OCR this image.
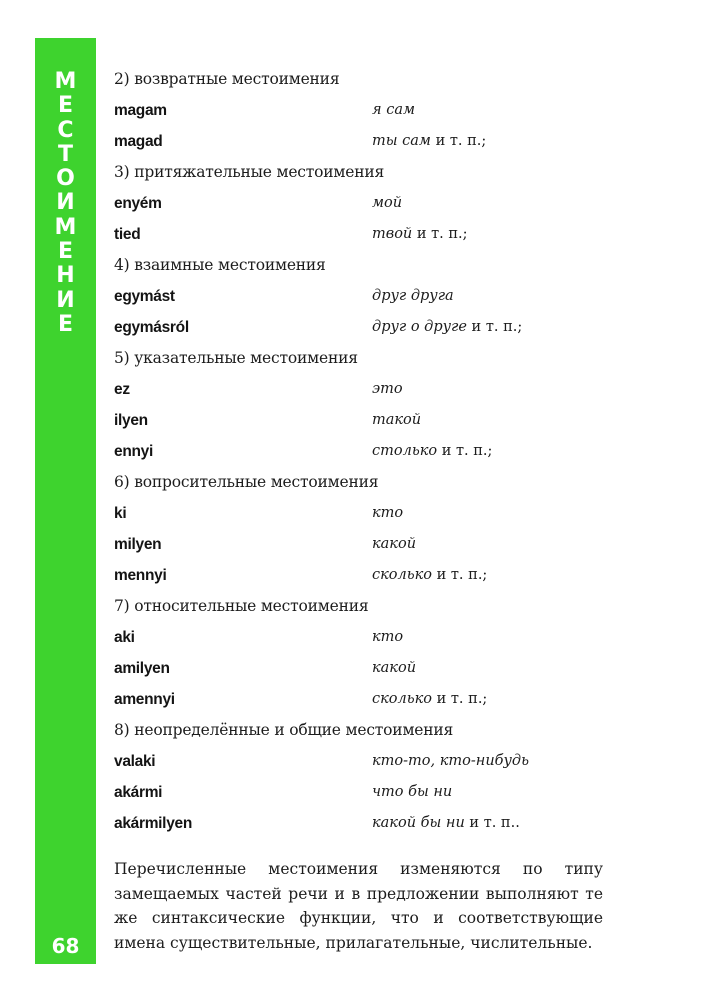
М
Е
С
Т
О
И
М
Е
Н
И
Е
68
2) возвратные местоимения
magam	я сам
magad	ты сам и т. п.;
3) притяжательные местоимения
enyém	мой
tied	твой и т. п.;
4) взаимные местоимения
egymást	друг друга
egymásról	друг о друге и т. п.;
5) указательные местоимения
ez	это
ilyen	такой
ennyi	столько и т. п.;
6) вопросительные местоимения
ki	кто
milyen	какой
mennyi	сколько и т. п.;
7) относительные местоимения
aki	кто
amilyen	какой
amennyi	сколько и т. п.;
8) неопределённые и общие местоимения
valaki	кто-то, кто-нибудь
akármi	что бы ни
akármilyen	какой бы ни и т. п..

Перечисленные местоимения изменяются по типу замещаемых частей речи и в предложении выполняют те же синтаксические функции, что и соответствующие имена существительные, прилагательные, числительные.
